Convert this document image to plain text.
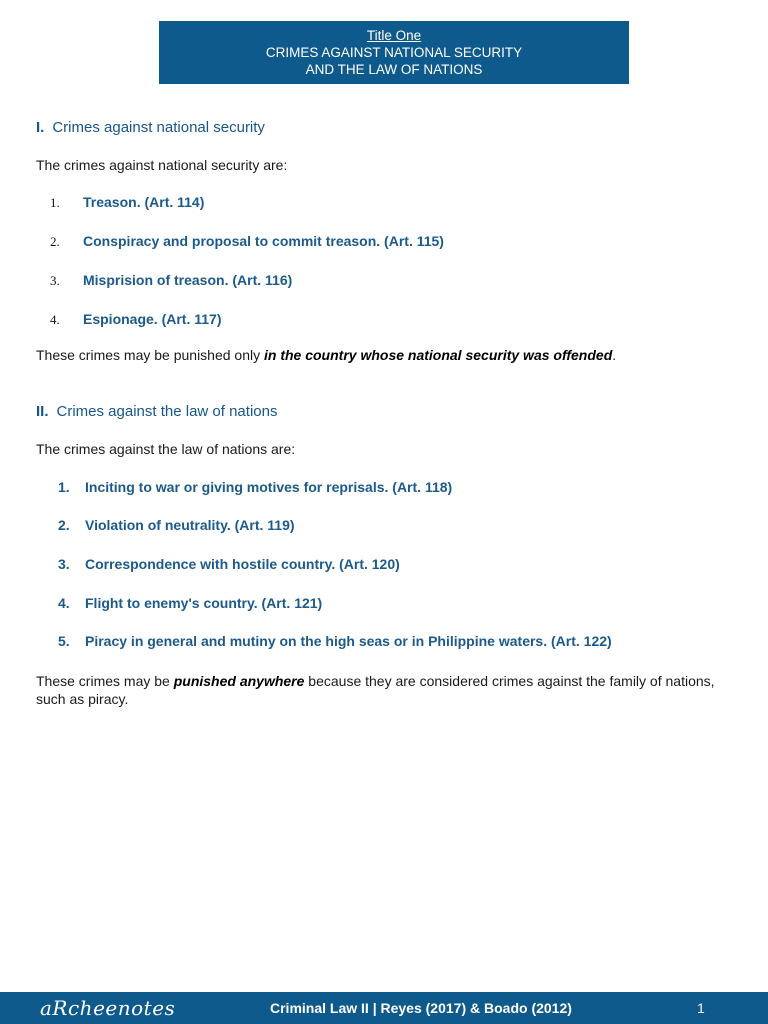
Title One
CRIMES AGAINST NATIONAL SECURITY
AND THE LAW OF NATIONS
I. Crimes against national security

The crimes against national security are:

1. Treason. (Art. 114)
2. Conspiracy and proposal to commit treason. (Art. 115)
3. Misprision of treason. (Art. 116)
4. Espionage. (Art. 117)

These crimes may be punished only in the country whose national security was offended.

II. Crimes against the law of nations

The crimes against the law of nations are:

1. Inciting to war or giving motives for reprisals. (Art. 118)
2. Violation of neutrality. (Art. 119)
3. Correspondence with hostile country. (Art. 120)
4. Flight to enemy's country. (Art. 121)
5. Piracy in general and mutiny on the high seas or in Philippine waters. (Art. 122)

These crimes may be punished anywhere because they are considered crimes against the family of nations, such as piracy.

aRcheenotes	Criminal Law II | Reyes (2017) & Boado (2012)	1
